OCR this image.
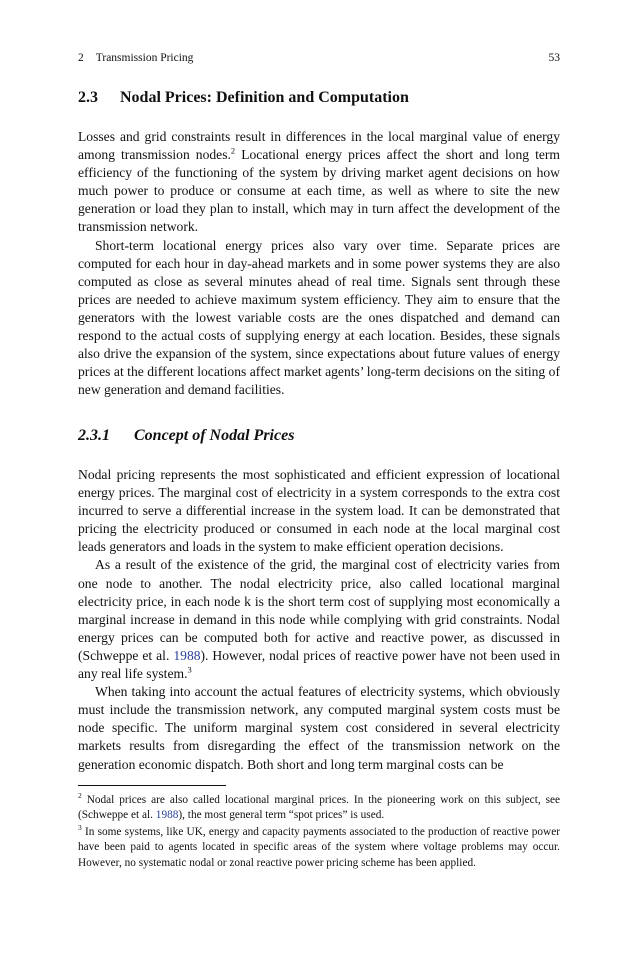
2 Transmission Pricing	53
2.3 Nodal Prices: Definition and Computation

Losses and grid constraints result in differences in the local marginal value of energy among transmission nodes.$^2$ Locational energy prices affect the short and long term efficiency of the functioning of the system by driving market agent decisions on how much power to produce or consume at each time, as well as where to site the new generation or load they plan to install, which may in turn affect the development of the transmission network.

Short-term locational energy prices also vary over time. Separate prices are computed for each hour in day-ahead markets and in some power systems they are also computed as close as several minutes ahead of real time. Signals sent through these prices are needed to achieve maximum system efficiency. They aim to ensure that the generators with the lowest variable costs are the ones dispatched and demand can respond to the actual costs of supplying energy at each location. Besides, these signals also drive the expansion of the system, since expectations about future values of energy prices at the different locations affect market agents’ long-term decisions on the siting of new generation and demand facilities.

2.3.1 Concept of Nodal Prices

Nodal pricing represents the most sophisticated and efficient expression of locational energy prices. The marginal cost of electricity in a system corresponds to the extra cost incurred to serve a differential increase in the system load. It can be demonstrated that pricing the electricity produced or consumed in each node at the local marginal cost leads generators and loads in the system to make efficient operation decisions.

As a result of the existence of the grid, the marginal cost of electricity varies from one node to another. The nodal electricity price, also called locational marginal electricity price, in each node k is the short term cost of supplying most economically a marginal increase in demand in this node while complying with grid constraints. Nodal energy prices can be computed both for active and reactive power, as discussed in (Schweppe et al. 1988). However, nodal prices of reactive power have not been used in any real life system.$^3$

When taking into account the actual features of electricity systems, which obviously must include the transmission network, any computed marginal system costs must be node specific. The uniform marginal system cost considered in several electricity markets results from disregarding the effect of the transmission network on the generation economic dispatch. Both short and long term marginal costs can be

$^2$ Nodal prices are also called locational marginal prices. In the pioneering work on this subject, see (Schweppe et al. 1988), the most general term “spot prices” is used.

$^3$ In some systems, like UK, energy and capacity payments associated to the production of reactive power have been paid to agents located in specific areas of the system where voltage problems may occur. However, no systematic nodal or zonal reactive power pricing scheme has been applied.
